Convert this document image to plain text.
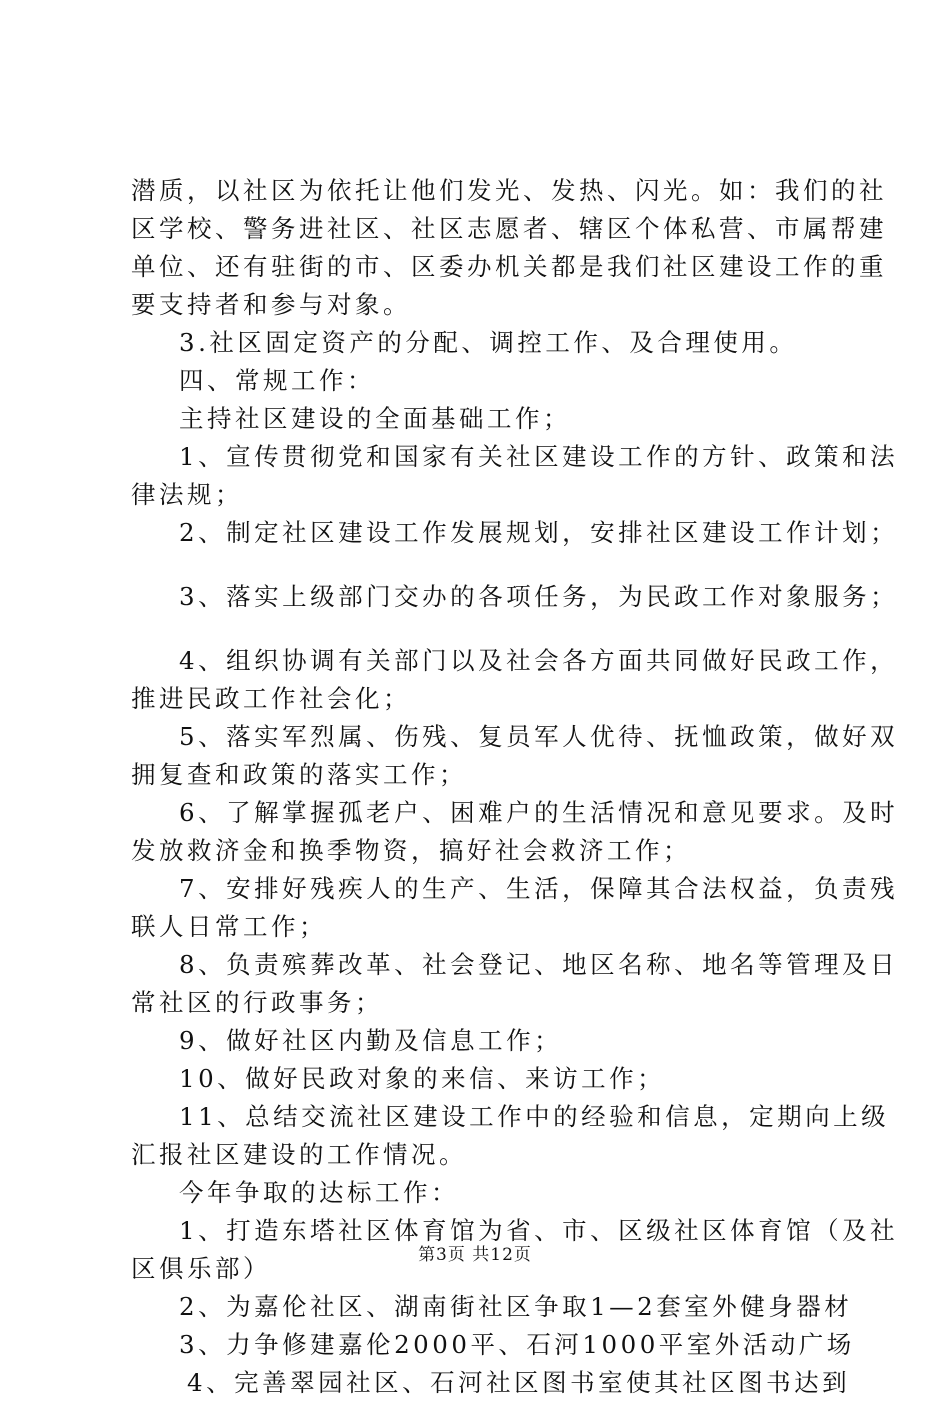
潜质，以社区为依托让他们发光、发热、闪光。如：我们的社
区学校、警务进社区、社区志愿者、辖区个体私营、市属帮建
单位、还有驻街的市、区委办机关都是我们社区建设工作的重
要支持者和参与对象。
3.社区固定资产的分配、调控工作、及合理使用。
四、常规工作：
主持社区建设的全面基础工作；
1、宣传贯彻党和国家有关社区建设工作的方针、政策和法
律法规；
2、制定社区建设工作发展规划，安排社区建设工作计划；
3、落实上级部门交办的各项任务，为民政工作对象服务；
4、组织协调有关部门以及社会各方面共同做好民政工作，
推进民政工作社会化；
5、落实军烈属、伤残、复员军人优待、抚恤政策，做好双
拥复查和政策的落实工作；
6、了解掌握孤老户、困难户的生活情况和意见要求。及时
发放救济金和换季物资，搞好社会救济工作；
7、安排好残疾人的生产、生活，保障其合法权益，负责残
联人日常工作；
8、负责殡葬改革、社会登记、地区名称、地名等管理及日
常社区的行政事务；
9、做好社区内勤及信息工作；
10、做好民政对象的来信、来访工作；
11、总结交流社区建设工作中的经验和信息，定期向上级
汇报社区建设的工作情况。
今年争取的达标工作：
1、打造东塔社区体育馆为省、市、区级社区体育馆（及社
区俱乐部）
2、为嘉伦社区、湖南街社区争取1—2套室外健身器材
3、力争修建嘉伦2000平、石河1000平室外活动广场
4、完善翠园社区、石河社区图书室使其社区图书达到
第3页 共12页
